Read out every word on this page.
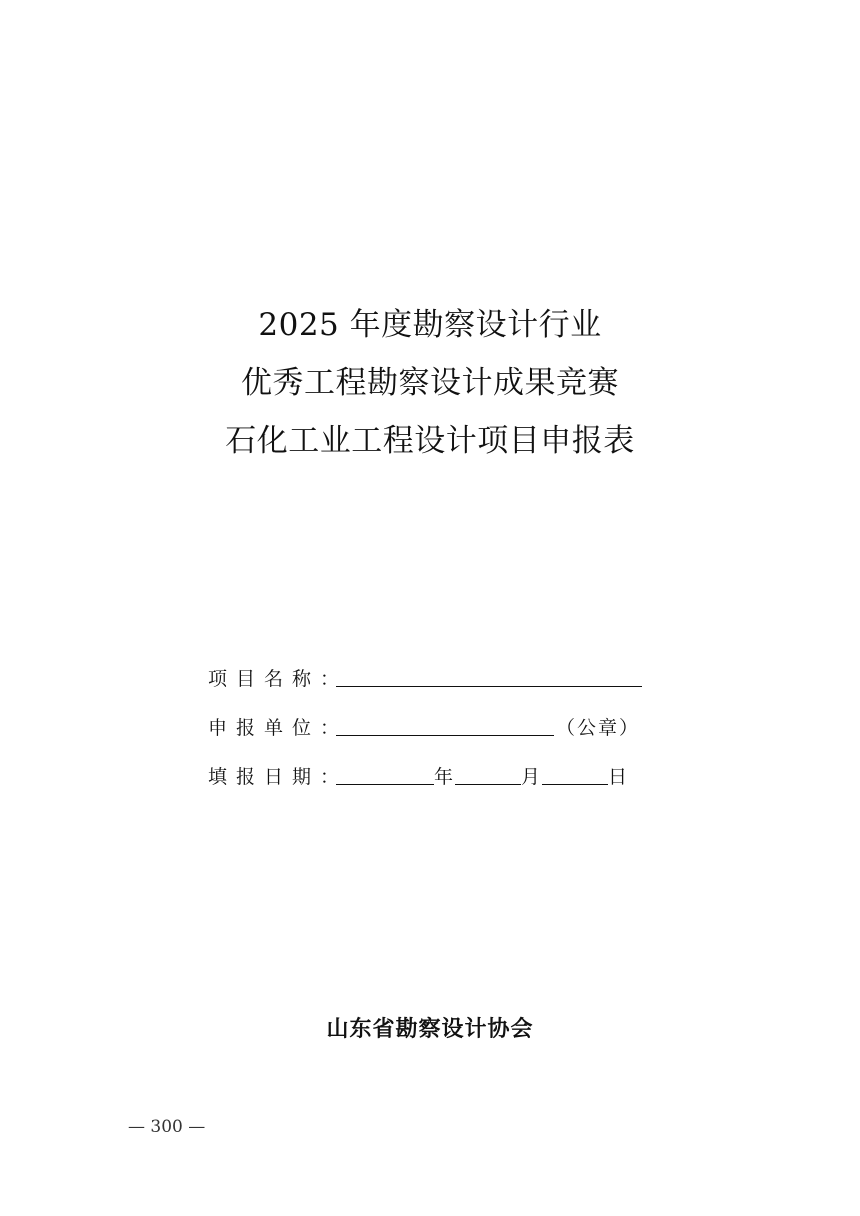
2025 年度勘察设计行业
优秀工程勘察设计成果竞赛
石化工业工程设计项目申报表
项目名称：
申报单位：	（公章）
填报日期：	年	月	日
山东省勘察设计协会
— 300 —
